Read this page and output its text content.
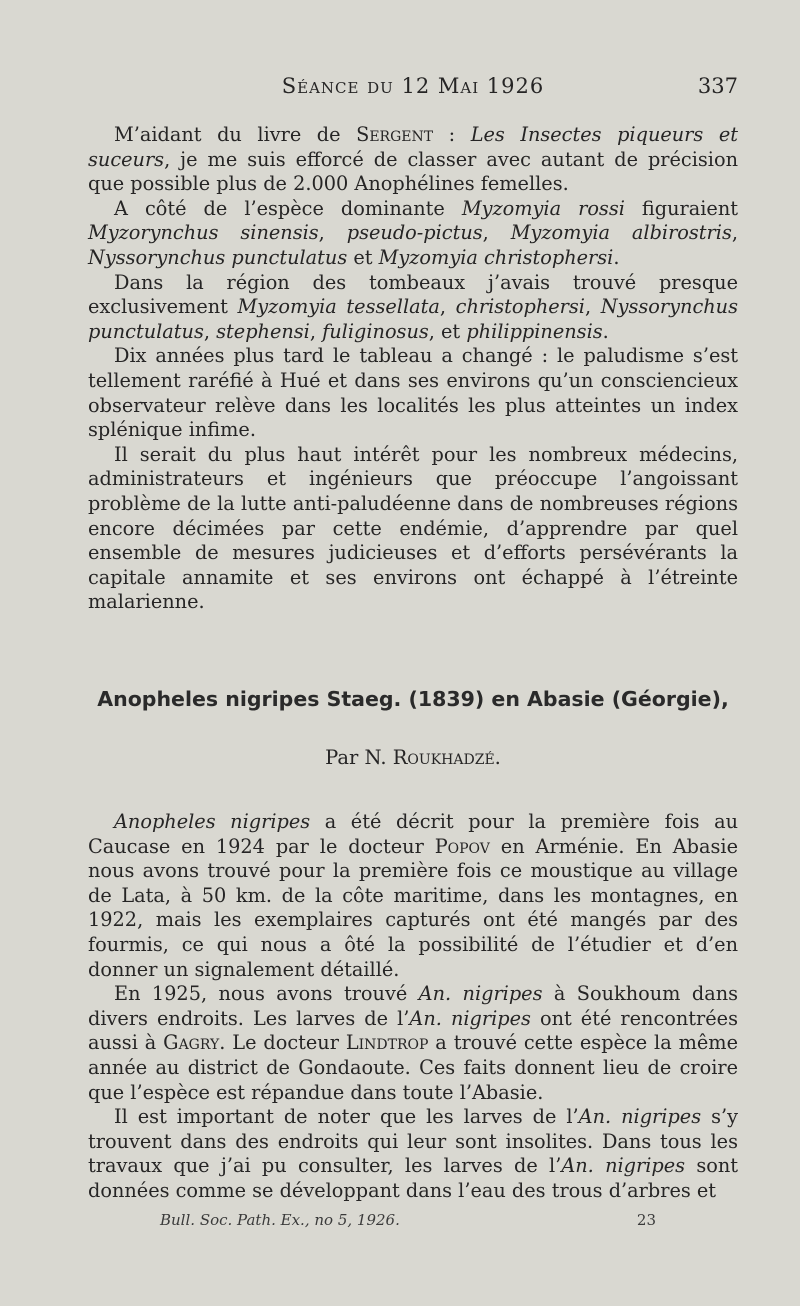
Séance du 12 Mai 1926	337

M’aidant du livre de Sergent : Les Insectes piqueurs et suceurs, je me suis efforcé de classer avec autant de précision que possible plus de 2.000 Anophélines femelles.

A côté de l’espèce dominante Myzomyia rossi figuraient Myzorynchus sinensis, pseudo-pictus, Myzomyia albirostris, Nyssorynchus punctulatus et Myzomyia christophersi.

Dans la région des tombeaux j’avais trouvé presque exclusivement Myzomyia tessellata, christophersi, Nyssorynchus punctulatus, stephensi, fuliginosus, et philippinensis.

Dix années plus tard le tableau a changé : le paludisme s’est tellement raréfié à Hué et dans ses environs qu’un consciencieux observateur relève dans les localités les plus atteintes un index splénique infime.

Il serait du plus haut intérêt pour les nombreux médecins, administrateurs et ingénieurs que préoccupe l’angoissant problème de la lutte anti-paludéenne dans de nombreuses régions encore décimées par cette endémie, d’apprendre par quel ensemble de mesures judicieuses et d’efforts persévérants la capitale annamite et ses environs ont échappé à l’étreinte malarienne.

Anopheles nigripes Staeg. (1839) en Abasie (Géorgie),
Par N. Roukhadzé.

Anopheles nigripes a été décrit pour la première fois au Caucase en 1924 par le docteur Popov en Arménie. En Abasie nous avons trouvé pour la première fois ce moustique au village de Lata, à 50 km. de la côte maritime, dans les montagnes, en 1922, mais les exemplaires capturés ont été mangés par des fourmis, ce qui nous a ôté la possibilité de l’étudier et d’en donner un signalement détaillé.

En 1925, nous avons trouvé An. nigripes à Soukhoum dans divers endroits. Les larves de l’An. nigripes ont été rencontrées aussi à Gagry. Le docteur Lindtrop a trouvé cette espèce la même année au district de Gondaoute. Ces faits donnent lieu de croire que l’espèce est répandue dans toute l’Abasie.

Il est important de noter que les larves de l’An. nigripes s’y trouvent dans des endroits qui leur sont insolites. Dans tous les travaux que j’ai pu consulter, les larves de l’An. nigripes sont données comme se développant dans l’eau des trous d’arbres et

Bull. Soc. Path. Ex., no 5, 1926.	23
